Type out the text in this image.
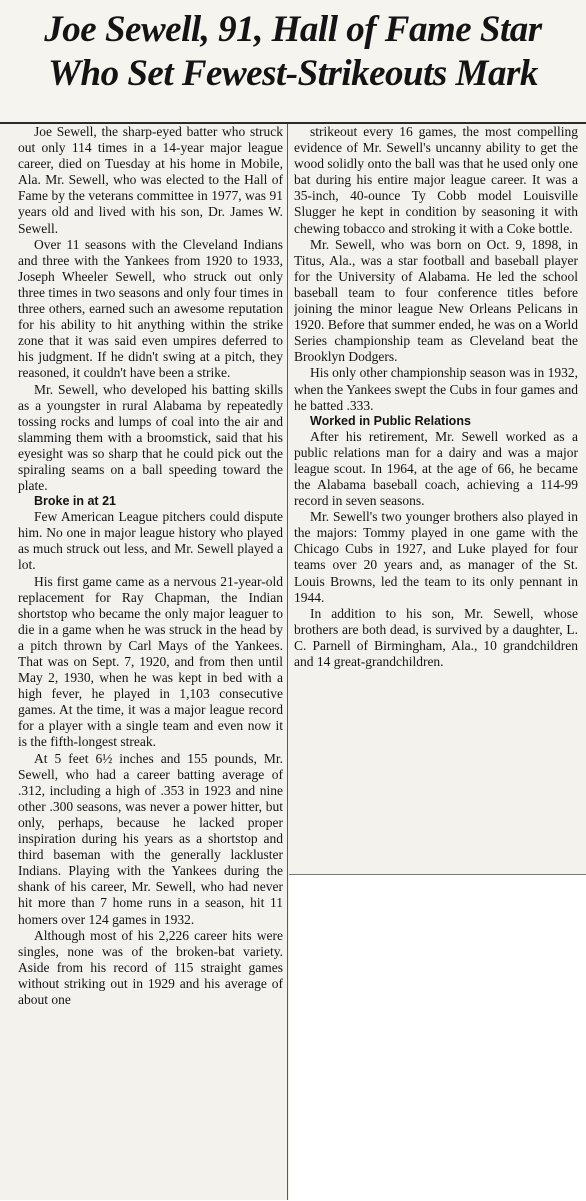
Joe Sewell, 91, Hall of Fame Star
Who Set Fewest-Strikeouts Mark

Joe Sewell, the sharp-eyed batter who struck out only 114 times in a 14-year major league career, died on Tuesday at his home in Mobile, Ala. Mr. Sewell, who was elected to the Hall of Fame by the veterans committee in 1977, was 91 years old and lived with his son, Dr. James W. Sewell.

Over 11 seasons with the Cleveland Indians and three with the Yankees from 1920 to 1933, Joseph Wheeler Sewell, who struck out only three times in two seasons and only four times in three others, earned such an awesome reputation for his ability to hit anything within the strike zone that it was said even umpires deferred to his judgment. If he didn't swing at a pitch, they reasoned, it couldn't have been a strike.

Mr. Sewell, who developed his batting skills as a youngster in rural Alabama by repeatedly tossing rocks and lumps of coal into the air and slamming them with a broomstick, said that his eyesight was so sharp that he could pick out the spiraling seams on a ball speeding toward the plate.

Broke in at 21

Few American League pitchers could dispute him. No one in major league history who played as much struck out less, and Mr. Sewell played a lot.

His first game came as a nervous 21-year-old replacement for Ray Chapman, the Indian shortstop who became the only major leaguer to die in a game when he was struck in the head by a pitch thrown by Carl Mays of the Yankees. That was on Sept. 7, 1920, and from then until May 2, 1930, when he was kept in bed with a high fever, he played in 1,103 consecutive games. At the time, it was a major league record for a player with a single team and even now it is the fifth-longest streak.

At 5 feet 6½ inches and 155 pounds, Mr. Sewell, who had a career batting average of .312, including a high of .353 in 1923 and nine other .300 seasons, was never a power hitter, but only, perhaps, because he lacked proper inspiration during his years as a shortstop and third baseman with the generally lackluster Indians. Playing with the Yankees during the shank of his career, Mr. Sewell, who had never hit more than 7 home runs in a season, hit 11 homers over 124 games in 1932.

Although most of his 2,226 career hits were singles, none was of the broken-bat variety. Aside from his record of 115 straight games without striking out in 1929 and his average of about one

strikeout every 16 games, the most compelling evidence of Mr. Sewell's uncanny ability to get the wood solidly onto the ball was that he used only one bat during his entire major league career. It was a 35-inch, 40-ounce Ty Cobb model Louisville Slugger he kept in condition by seasoning it with chewing tobacco and stroking it with a Coke bottle.

Mr. Sewell, who was born on Oct. 9, 1898, in Titus, Ala., was a star football and baseball player for the University of Alabama. He led the school baseball team to four conference titles before joining the minor league New Orleans Pelicans in 1920. Before that summer ended, he was on a World Series championship team as Cleveland beat the Brooklyn Dodgers.

His only other championship season was in 1932, when the Yankees swept the Cubs in four games and he batted .333.

Worked in Public Relations

After his retirement, Mr. Sewell worked as a public relations man for a dairy and was a major league scout. In 1964, at the age of 66, he became the Alabama baseball coach, achieving a 114-99 record in seven seasons.

Mr. Sewell's two younger brothers also played in the majors: Tommy played in one game with the Chicago Cubs in 1927, and Luke played for four teams over 20 years and, as manager of the St. Louis Browns, led the team to its only pennant in 1944.

In addition to his son, Mr. Sewell, whose brothers are both dead, is survived by a daughter, L. C. Parnell of Birmingham, Ala., 10 grandchildren and 14 great-grandchildren.
